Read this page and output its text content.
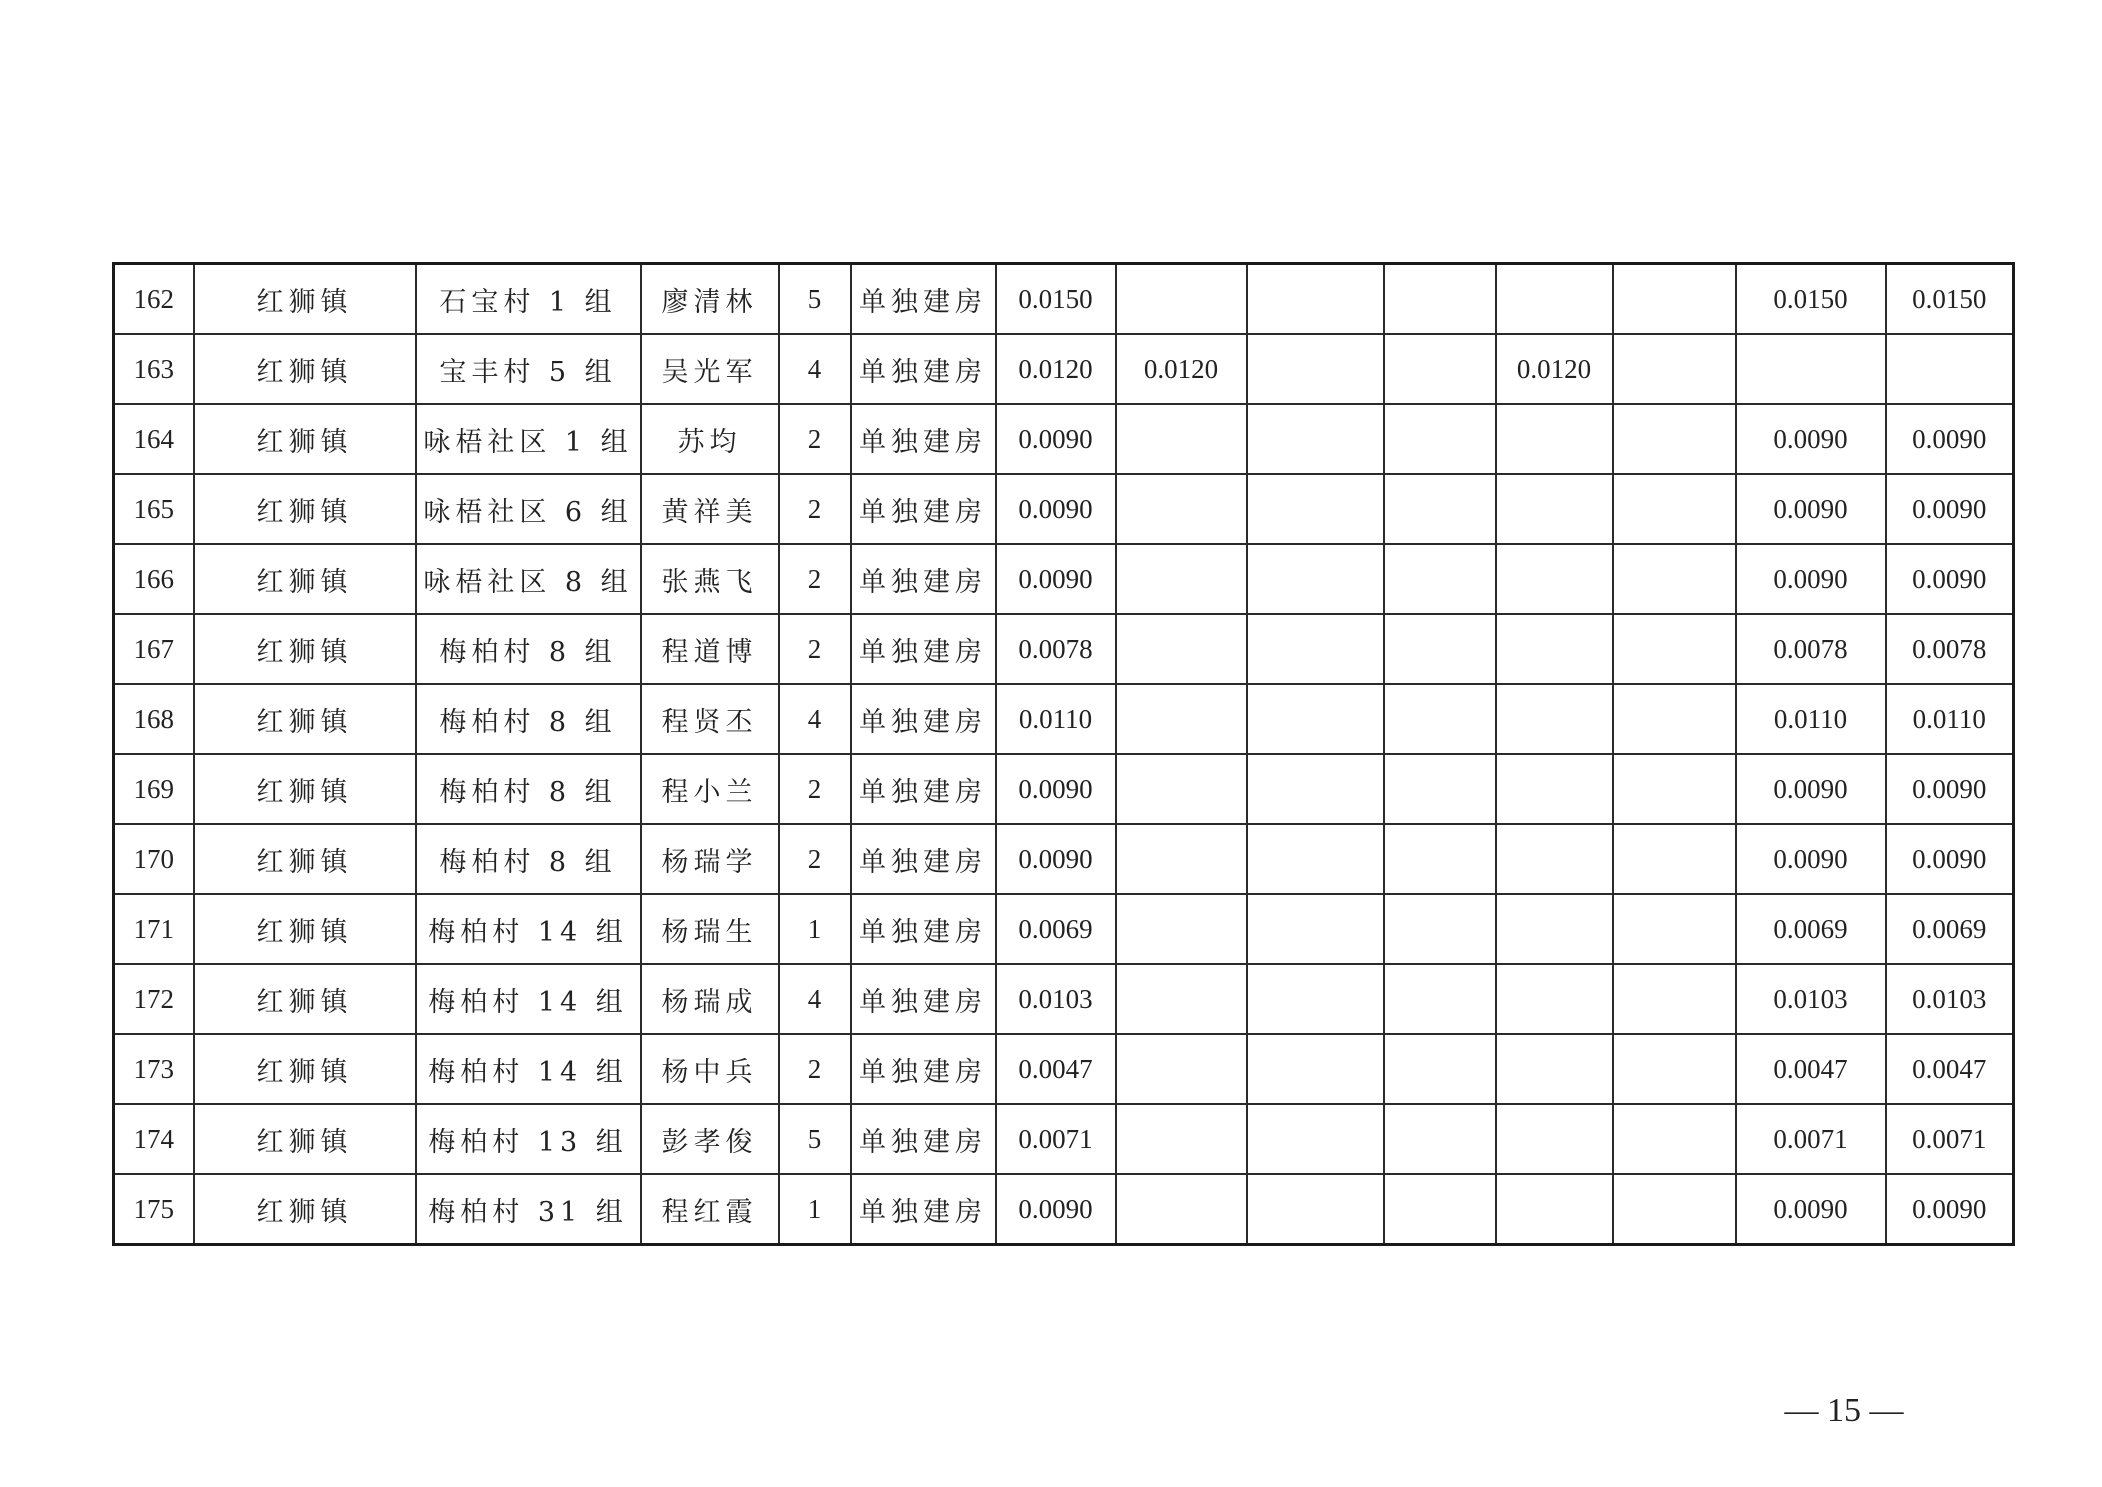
162	红狮镇	石宝村 1 组	廖清林	5	单独建房	0.0150						0.0150	0.0150
163	红狮镇	宝丰村 5 组	吴光军	4	单独建房	0.0120	0.0120			0.0120			
164	红狮镇	咏梧社区 1 组	苏均	2	单独建房	0.0090						0.0090	0.0090
165	红狮镇	咏梧社区 6 组	黄祥美	2	单独建房	0.0090						0.0090	0.0090
166	红狮镇	咏梧社区 8 组	张燕飞	2	单独建房	0.0090						0.0090	0.0090
167	红狮镇	梅柏村 8 组	程道博	2	单独建房	0.0078						0.0078	0.0078
168	红狮镇	梅柏村 8 组	程贤丕	4	单独建房	0.0110						0.0110	0.0110
169	红狮镇	梅柏村 8 组	程小兰	2	单独建房	0.0090						0.0090	0.0090
170	红狮镇	梅柏村 8 组	杨瑞学	2	单独建房	0.0090						0.0090	0.0090
171	红狮镇	梅柏村 14 组	杨瑞生	1	单独建房	0.0069						0.0069	0.0069
172	红狮镇	梅柏村 14 组	杨瑞成	4	单独建房	0.0103						0.0103	0.0103
173	红狮镇	梅柏村 14 组	杨中兵	2	单独建房	0.0047						0.0047	0.0047
174	红狮镇	梅柏村 13 组	彭孝俊	5	单独建房	0.0071						0.0071	0.0071
175	红狮镇	梅柏村 31 组	程红霞	1	单独建房	0.0090						0.0090	0.0090
— 15 —
